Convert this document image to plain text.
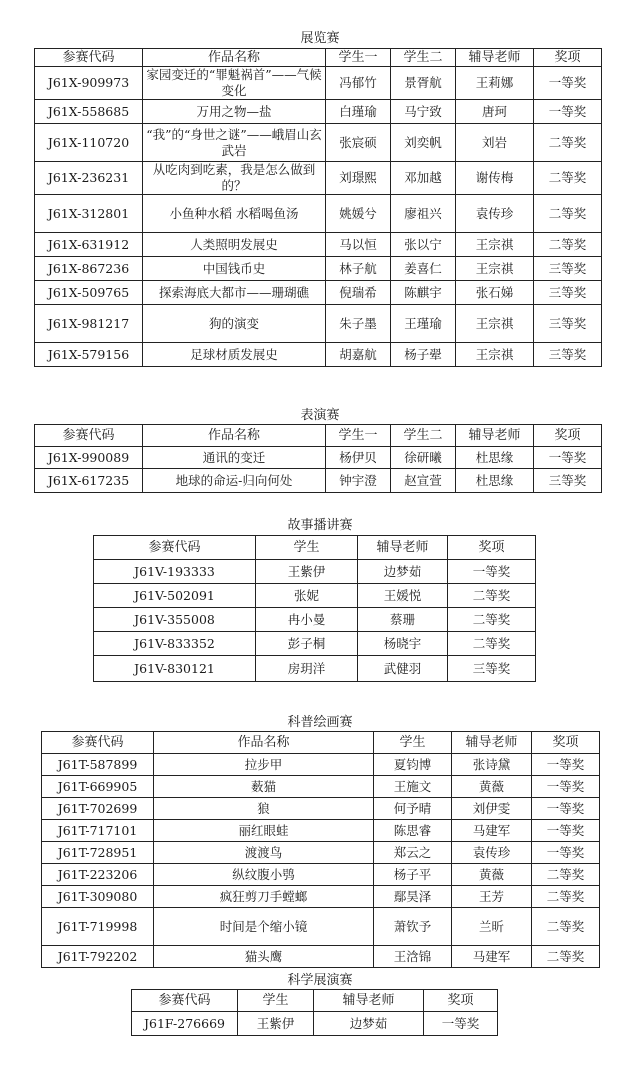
展览赛
参赛代码	作品名称	学生一	学生二	辅导老师	奖项
J61X-909973	家园变迁的“罪魁祸首”——气候变化	冯郁竹	景胥航	王莉娜	一等奖
J61X-558685	万用之物—盐	白瑾瑜	马宁致	唐珂	一等奖
J61X-110720	“我”的“身世之谜”——峨眉山玄武岩	张宸硕	刘奕帆	刘岩	二等奖
J61X-236231	从吃肉到吃素，我是怎么做到的？	刘璟熙	邓加越	谢传梅	二等奖
J61X-312801	小鱼种水稻 水稻喝鱼汤	姚媛兮	廖祖兴	袁传珍	二等奖
J61X-631912	人类照明发展史	马以恒	张以宁	王宗祺	二等奖
J61X-867236	中国钱币史	林子航	姜喜仁	王宗祺	三等奖
J61X-509765	探索海底大都市——珊瑚礁	倪瑞希	陈麒宇	张石娣	三等奖
J61X-981217	狗的演变	朱子墨	王瑾瑜	王宗祺	三等奖
J61X-579156	足球材质发展史	胡嘉航	杨子翚	王宗祺	三等奖
表演赛
参赛代码	作品名称	学生一	学生二	辅导老师	奖项
J61X-990089	通讯的变迁	杨伊贝	徐研曦	杜思缘	一等奖
J61X-617235	地球的命运-归向何处	钟宇澄	赵宣萱	杜思缘	三等奖
故事播讲赛
参赛代码	学生	辅导老师	奖项
J61V-193333	王紫伊	边梦茹	一等奖
J61V-502091	张妮	王媛悦	二等奖
J61V-355008	冉小曼	蔡珊	二等奖
J61V-833352	彭子桐	杨晓宇	二等奖
J61V-830121	房玥洋	武健羽	三等奖
科普绘画赛
参赛代码	作品名称	学生	辅导老师	奖项
J61T-587899	拉步甲	夏钧博	张诗黛	一等奖
J61T-669905	薮猫	王施文	黄薇	一等奖
J61T-702699	狼	何予晴	刘伊雯	一等奖
J61T-717101	丽红眼蛙	陈思睿	马建军	一等奖
J61T-728951	渡渡鸟	郑云之	袁传珍	一等奖
J61T-223206	纵纹腹小鸮	杨子平	黄薇	二等奖
J61T-309080	疯狂剪刀手螳螂	鄢昊泽	王芳	二等奖
J61T-719998	时间是个缩小镜	萧钦予	兰昕	二等奖
J61T-792202	猫头鹰	王浛锦	马建军	二等奖
科学展演赛
参赛代码	学生	辅导老师	奖项
J61F-276669	王紫伊	边梦茹	一等奖
